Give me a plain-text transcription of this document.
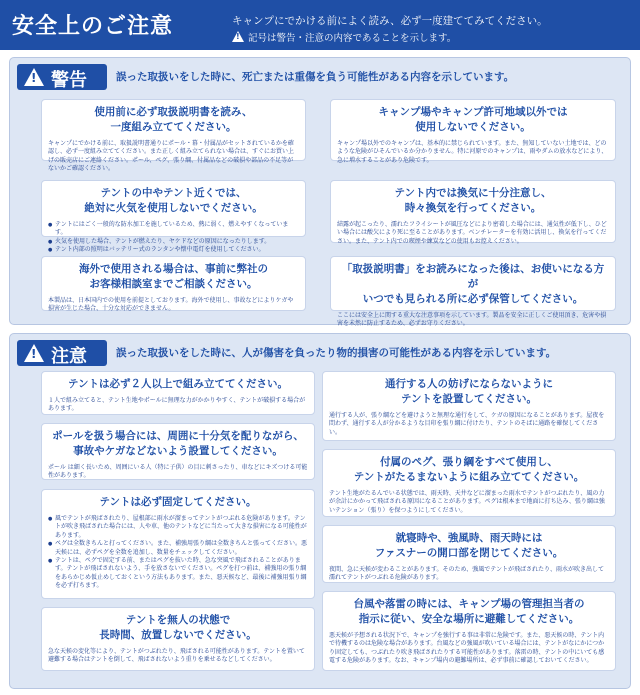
安全上のご注意	キャンプにでかける前によく読み、必ず一度建ててみてください。
! 記号は警告・注意の内容であることを示します。
! 警告	誤った取扱いをした時に、死亡または重傷を負う可能性がある内容を示しています。
使用前に必ず取扱説明書を読み、
一度組み立ててください。
キャンプにでかける前に、取扱説明書通りにポール・幕・付属品がセットされているかを確認し、必ず一度組み立ててください。また正しく組み立てられない場合は、すぐにお買い上げの販売店にご連絡ください。ポール、ペグ、張り綱、付属品などの破損や部品の不足等がないかご確認ください。
テントの中やテント近くでは、
絶対に火気を使用しないでください。
● テントにはごく一般的な防水加工を施しているため、熱に弱く、燃えやすくなっています。
● 火気を使用した場合、テントが燃えたり、ヤケドなどの原因になったりします。
● テント内部の照明はバッテリー式のランタンや懐中電灯を使用してください。
海外で使用される場合は、事前に弊社の
お客様相談室までご相談ください。
本製品は、日本国内での使用を前提としております。海外で使用し、事故などによりケガや損害が生じた場合、十分な対応ができません。
キャンプ場やキャンプ許可地域以外では
使用しないでください。
キャンプ場以外でのキャンプは、基本的に禁じられています。また、無知していない土地では、どのような危険がひそんでいるか分かりません。特に河原でのキャンプは、雨やダムの放水などにより、急に増水することがあり危険です。
テント内では換気に十分注意し、
時々換気を行ってください。
結露が起こったり、濡れたフライシートが風圧などにより密着した場合には、通気性が低下し、ひどい場合には酸欠により死に至ることがあります。ベンチレーターを有効に活用し、換気を行ってください。また、テント内での喫煙や練炭などの使用もお控えください。
「取扱説明書」をお読みになった後は、お使いになる方が
いつでも見られる所に必ず保管してください。
ここには安全上に関する重大な注意事項を示しています。製品を安全に正しくご使用頂き、危害や損害を未然に防止するため、必ずお守りください。
! 注意	誤った取扱いをした時に、人が傷害を負ったり物的損害の可能性がある内容を示しています。
テントは必ず２人以上で組み立ててください。
１人で組み立てると、テント生地やポールに無理な力がかかりやすく、テントが破損する場合があります。
ポールを扱う場合には、周囲に十分気を配りながら、
事故やケガなどないよう設置してください。
ポール は細く長いため、周囲にいる人（特に子供）の目に刺さったり、車などにキズつける可能性があります。
テントは必ず固定してください。
● 風でテントが飛ばされたり、屋根部に雨水が溜まってテントがつぶれる危険があります。テントが吹き飛ばされた場合には、人や車、他のテントなどに当たって大きな損害になる可能性があります。
● ペグは全数きちんと打ってください。また、補強用張り綱は全数きちんと張ってください。悪天候には、必ずペグを全数を追加し、数量をチェックしてください。
● テントは、ペグで固定する前、またはペグを抜いた時、急な突風で飛ばされることがあります。テントが飛ばされないよう、手を放さないでください。ペグを打つ前は、補強用の張り綱をあらかじめ仮止めしておくという方法もあります。また、悪天候など、最後に補強用張り綱を必ず打ちます。
テントを無人の状態で
長時間、放置しないでください。
急な天候の変化等により、テントがつぶれたり、飛ばされる可能性があります。テントを置いて避難する場合はテントを倒して、飛ばされないよう重りを乗せるなどしてください。
通行する人の妨げにならないように
テントを設置してください。
通行する人が、張り綱などを避けようと無理な通行をして、ケガの原因になることがあります。屋夜を問わず、通行する人が分かるような目印を張り綱に付けたり、テントのそばに通路を確保してください。
付属のペグ、張り綱をすべて使用し、
テントがたるまないように組み立ててください。
テント生地がたるんでいる状態では、雨天時、天井などに溜まった雨水でテントがつぶれたり、風の力が余計にかかって飛ばされる原因になることがあります。ペグは根本まで地面に打ち込み、張り綱は強いテンション（張り）を保つようにしてください。
就寝時や、強風時、雨天時には
ファスナーの開口部を閉じてください。
夜間、急に天候が変わることがあります。そのため、強風でテントが飛ばされたり、雨水が吹き出して濡れてテントがつぶれる危険があります。
台風や落雷の時には、キャンプ場の管理担当者の
指示に従い、安全な場所に避難してください。
悪天候が予想される状況下で、キャンプを強行する事は非常に危険です。また、悪天候の時、テント内で待機するのは危険な場合があります。台風などの強風が吹いている場合には、テントがなにかにつかり固定しても、つぶれたり吹き飛ばされたりする可能性があります。落雷の時、テントの中にいても感電する危険があります。なお、キャンプ場内の避難場所は、必ず事前に確認しておいてください。
